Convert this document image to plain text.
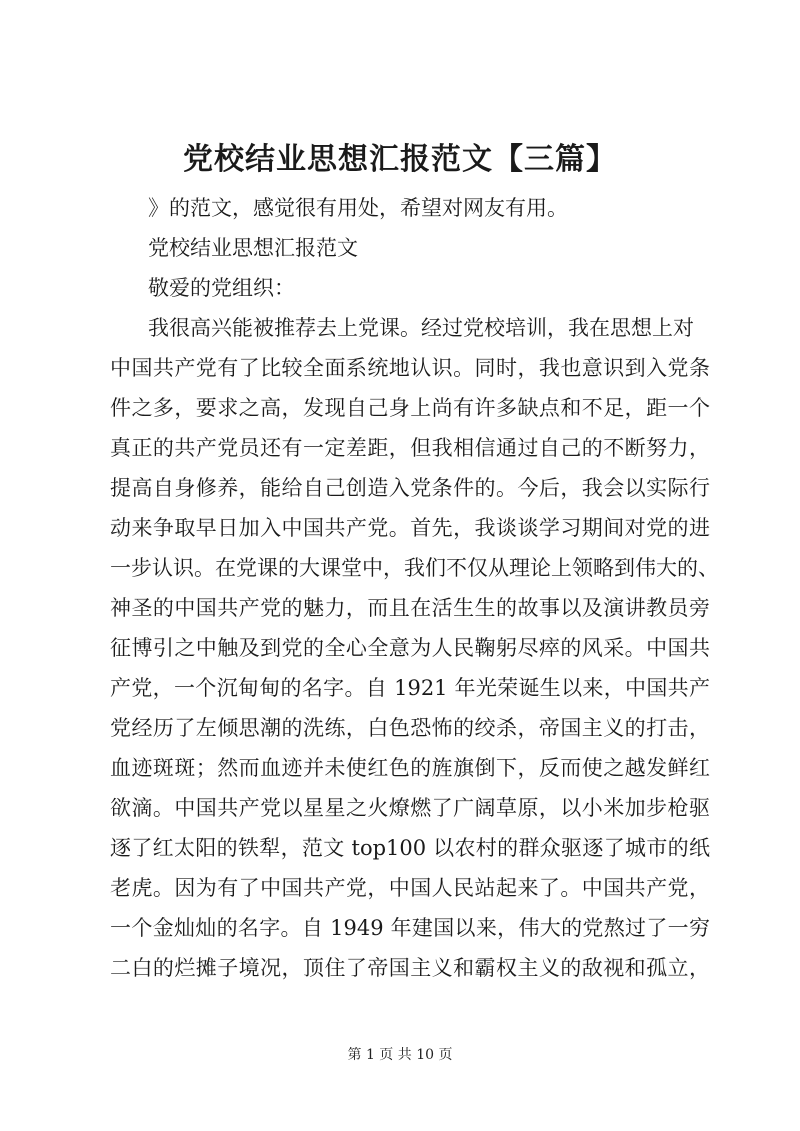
党校结业思想汇报范文【三篇】

》的范文，感觉很有用处，希望对网友有用。

党校结业思想汇报范文

敬爱的党组织：

我很高兴能被推荐去上党课。经过党校培训，我在思想上对

中国共产党有了比较全面系统地认识。同时，我也意识到入党条

件之多，要求之高，发现自己身上尚有许多缺点和不足，距一个

真正的共产党员还有一定差距，但我相信通过自己的不断努力，

提高自身修养，能给自己创造入党条件的。今后，我会以实际行

动来争取早日加入中国共产党。首先，我谈谈学习期间对党的进

一步认识。在党课的大课堂中，我们不仅从理论上领略到伟大的、

神圣的中国共产党的魅力，而且在活生生的故事以及演讲教员旁

征博引之中触及到党的全心全意为人民鞠躬尽瘁的风采。中国共

产党，一个沉甸甸的名字。自 1921 年光荣诞生以来，中国共产

党经历了左倾思潮的洗练，白色恐怖的绞杀，帝国主义的打击，

血迹斑斑；然而血迹并未使红色的旌旗倒下，反而使之越发鲜红

欲滴。中国共产党以星星之火燎燃了广阔草原，以小米加步枪驱

逐了红太阳的铁犁，范文 top100 以农村的群众驱逐了城市的纸

老虎。因为有了中国共产党，中国人民站起来了。中国共产党，

一个金灿灿的名字。自 1949 年建国以来，伟大的党熬过了一穷

二白的烂摊子境况，顶住了帝国主义和霸权主义的敌视和孤立，

第 1 页 共 10 页
